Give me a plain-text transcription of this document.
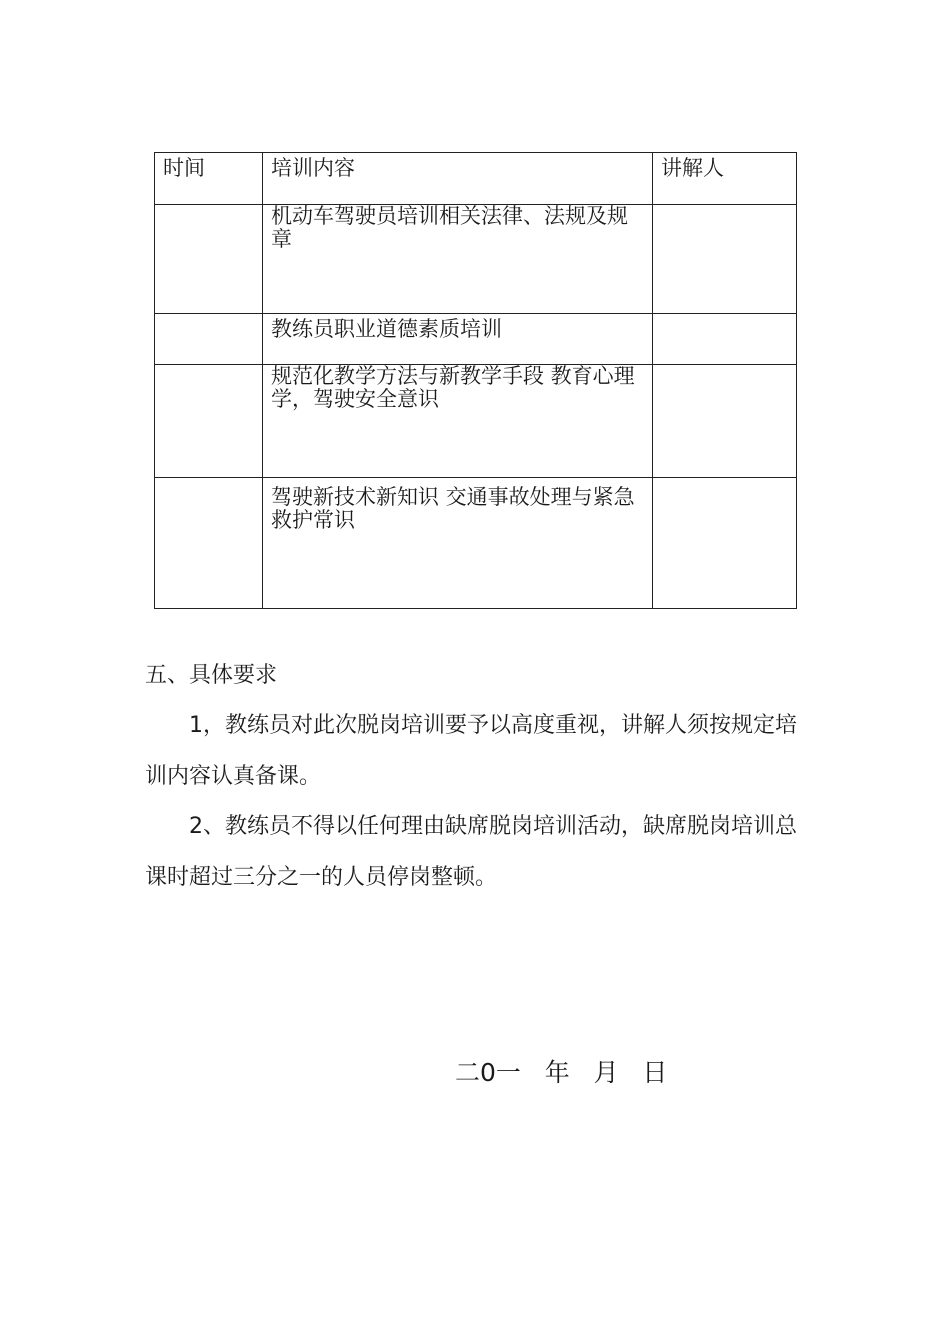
时间	培训内容	讲解人
	机动车驾驶员培训相关法律、法规及规章	
	教练员职业道德素质培训	
	规范化教学方法与新教学手段 教育心理学，驾驶安全意识	
	驾驶新技术新知识 交通事故处理与紧急救护常识	

五、具体要求

1，教练员对此次脱岗培训要予以高度重视，讲解人须按规定培训内容认真备课。

2、教练员不得以任何理由缺席脱岗培训活动，缺席脱岗培训总课时超过三分之一的人员停岗整顿。

二0一   年   月   日
